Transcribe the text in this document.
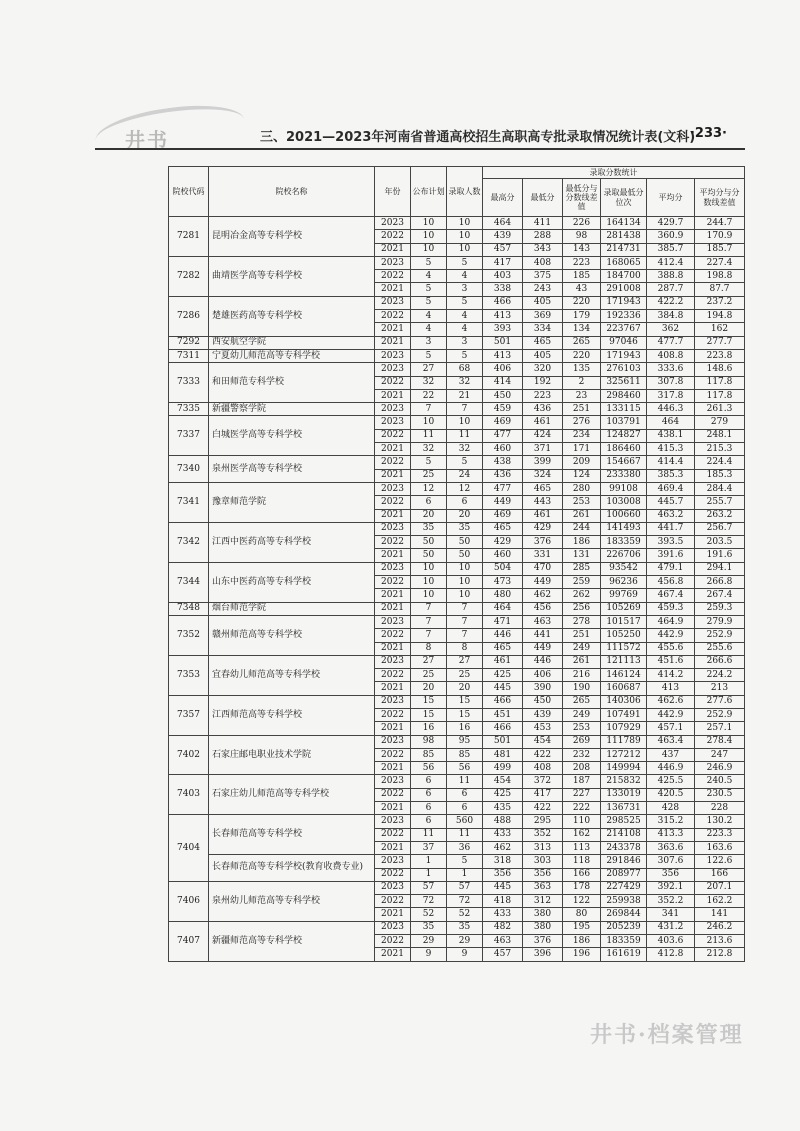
井书	三、2021—2023年河南省普通高校招生高职高专批录取情况统计表(文科)
·233·
院校代码	院校名称	年份	公布计划	录取人数	录取分数统计					
					最高分	最低分	最低分与分数线差值	录取最低分位次	平均分	平均分与分数线差值
7281	昆明冶金高等专科学校	2023	10	10	464	411	226	164134	429.7	244.7
		2022	10	10	439	288	98	281438	360.9	170.9
		2021	10	10	457	343	143	214731	385.7	185.7
7282	曲靖医学高等专科学校	2023	5	5	417	408	223	168065	412.4	227.4
		2022	4	4	403	375	185	184700	388.8	198.8
		2021	5	3	338	243	43	291008	287.7	87.7
7286	楚雄医药高等专科学校	2023	5	5	466	405	220	171943	422.2	237.2
		2022	4	4	413	369	179	192336	384.8	194.8
		2021	4	4	393	334	134	223767	362	162
7292	西安航空学院	2021	3	3	501	465	265	97046	477.7	277.7
7311	宁夏幼儿师范高等专科学校	2023	5	5	413	405	220	171943	408.8	223.8
7333	和田师范专科学校	2023	27	68	406	320	135	276103	333.6	148.6
		2022	32	32	414	192	2	325611	307.8	117.8
		2021	22	21	450	223	23	298460	317.8	117.8
7335	新疆警察学院	2023	7	7	459	436	251	133115	446.3	261.3
7337	白城医学高等专科学校	2023	10	10	469	461	276	103791	464	279
		2022	11	11	477	424	234	124827	438.1	248.1
		2021	32	32	460	371	171	186460	415.3	215.3
7340	泉州医学高等专科学校	2022	5	5	438	399	209	154667	414.4	224.4
		2021	25	24	436	324	124	233380	385.3	185.3
7341	豫章师范学院	2023	12	12	477	465	280	99108	469.4	284.4
		2022	6	6	449	443	253	103008	445.7	255.7
		2021	20	20	469	461	261	100660	463.2	263.2
7342	江西中医药高等专科学校	2023	35	35	465	429	244	141493	441.7	256.7
		2022	50	50	429	376	186	183359	393.5	203.5
		2021	50	50	460	331	131	226706	391.6	191.6
7344	山东中医药高等专科学校	2023	10	10	504	470	285	93542	479.1	294.1
		2022	10	10	473	449	259	96236	456.8	266.8
		2021	10	10	480	462	262	99769	467.4	267.4
7348	烟台师范学院	2021	7	7	464	456	256	105269	459.3	259.3
7352	赣州师范高等专科学校	2023	7	7	471	463	278	101517	464.9	279.9
		2022	7	7	446	441	251	105250	442.9	252.9
		2021	8	8	465	449	249	111572	455.6	255.6
7353	宜春幼儿师范高等专科学校	2023	27	27	461	446	261	121113	451.6	266.6
		2022	25	25	425	406	216	146124	414.2	224.2
		2021	20	20	445	390	190	160687	413	213
7357	江西师范高等专科学校	2023	15	15	466	450	265	140306	462.6	277.6
		2022	15	15	451	439	249	107491	442.9	252.9
		2021	16	16	466	453	253	107929	457.1	257.1
7402	石家庄邮电职业技术学院	2023	98	95	501	454	269	111789	463.4	278.4
		2022	85	85	481	422	232	127212	437	247
		2021	56	56	499	408	208	149994	446.9	246.9
7403	石家庄幼儿师范高等专科学校	2023	6	11	454	372	187	215832	425.5	240.5
		2022	6	6	425	417	227	133019	420.5	230.5
		2021	6	6	435	422	222	136731	428	228
7404	长春师范高等专科学校	2023	6	560	488	295	110	298525	315.2	130.2
		2022	11	11	433	352	162	214108	413.3	223.3
		2021	37	36	462	313	113	243378	363.6	163.6
	长春师范高等专科学校(教育收费专业)	2023	1	5	318	303	118	291846	307.6	122.6
		2022	1	1	356	356	166	208977	356	166
7406	泉州幼儿师范高等专科学校	2023	57	57	445	363	178	227429	392.1	207.1
		2022	72	72	418	312	122	259938	352.2	162.2
		2021	52	52	433	380	80	269844	341	141
7407	新疆师范高等专科学校	2023	35	35	482	380	195	205239	431.2	246.2
		2022	29	29	463	376	186	183359	403.6	213.6
		2021	9	9	457	396	196	161619	412.8	212.8
井书·档案管理
